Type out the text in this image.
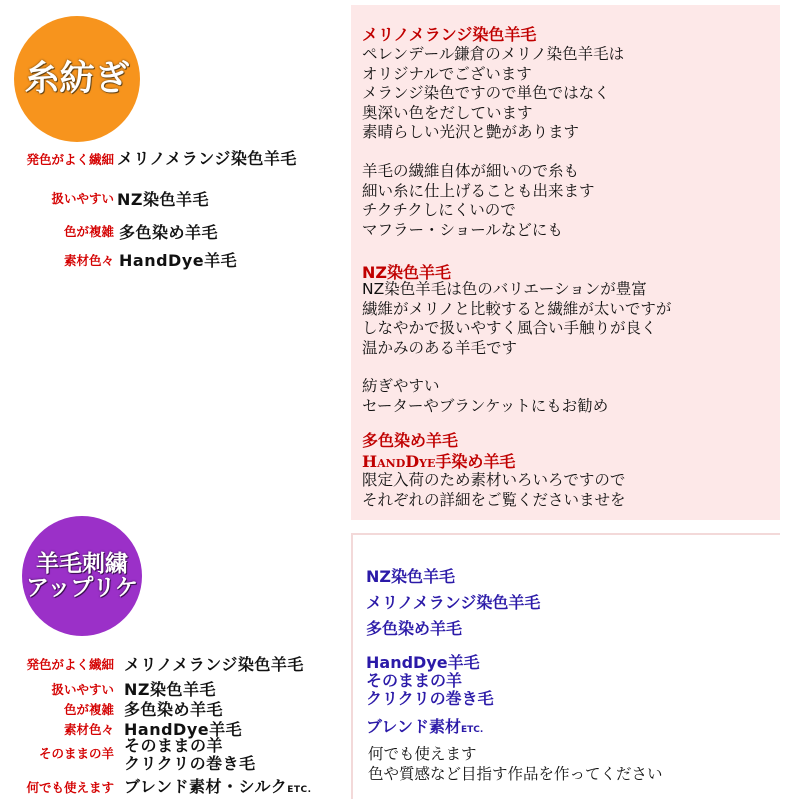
糸紡ぎ
発色がよく繊細 メリノメランジ染色羊毛
扱いやすい NZ染色羊毛
色が複雑 多色染め羊毛
素材色々 HandDye羊毛
メリノメランジ染色羊毛
ペレンデール鎌倉のメリノ染色羊毛は
オリジナルでございます
メランジ染色ですので単色ではなく
奥深い色をだしています
素晴らしい光沢と艶があります
羊毛の繊維自体が細いので糸も
細い糸に仕上げることも出来ます
チクチクしにくいので
マフラー・ショールなどにも
NZ染色羊毛
NZ染色羊毛は色のバリエーションが豊富
繊維がメリノと比較すると繊維が太いですが
しなやかで扱いやすく風合い手触りが良く
温かみのある羊毛です
紡ぎやすい
セーターやブランケットにもお勧め
多色染め羊毛
HandDye手染め羊毛
限定入荷のため素材いろいろですので
それぞれの詳細をご覧くださいませを
羊毛刺繍
アップリケ
発色がよく繊細 メリノメランジ染色羊毛
扱いやすい NZ染色羊毛
色が複雑 多色染め羊毛
素材色々 HandDye羊毛
そのままの羊 そのままの羊
クリクリの巻き毛
何でも使えます ブレンド素材・シルクETC.
NZ染色羊毛
メリノメランジ染色羊毛
多色染め羊毛
HandDye羊毛
そのままの羊
クリクリの巻き毛
ブレンド素材ETC.
何でも使えます
色や質感など目指す作品を作ってください
